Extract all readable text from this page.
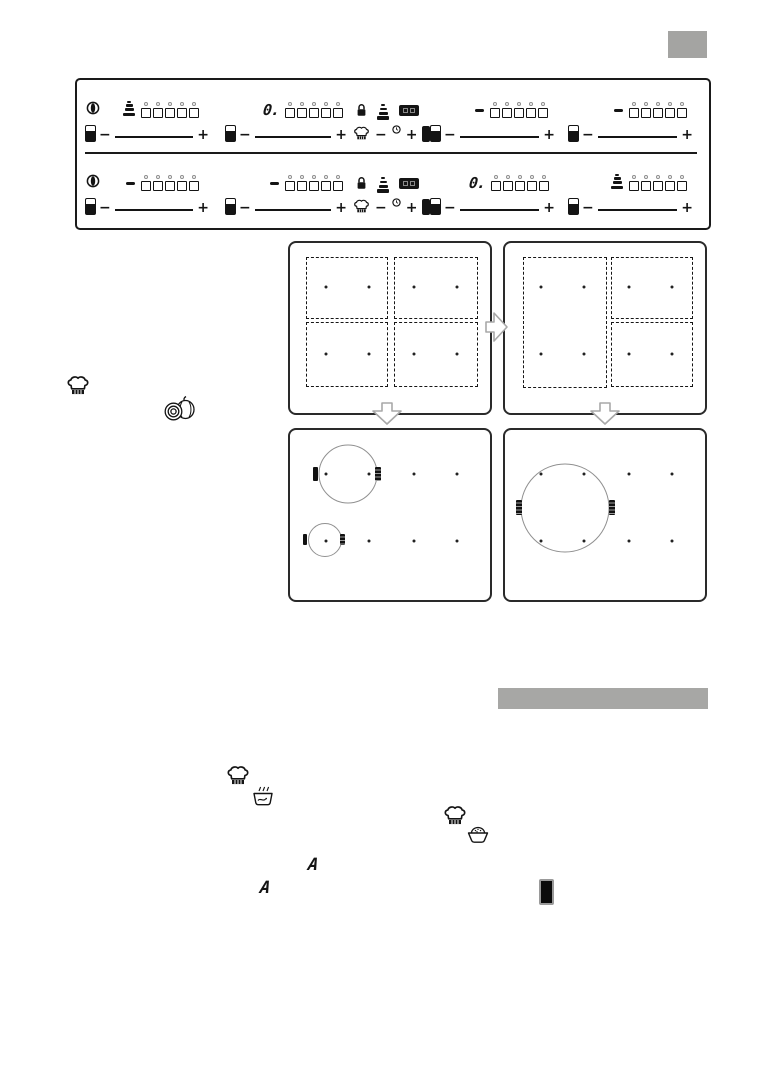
0.
−	+ −	+ − + −	+ −	+
0.
−	+ −	+ − + −	+ −	+
A
A
